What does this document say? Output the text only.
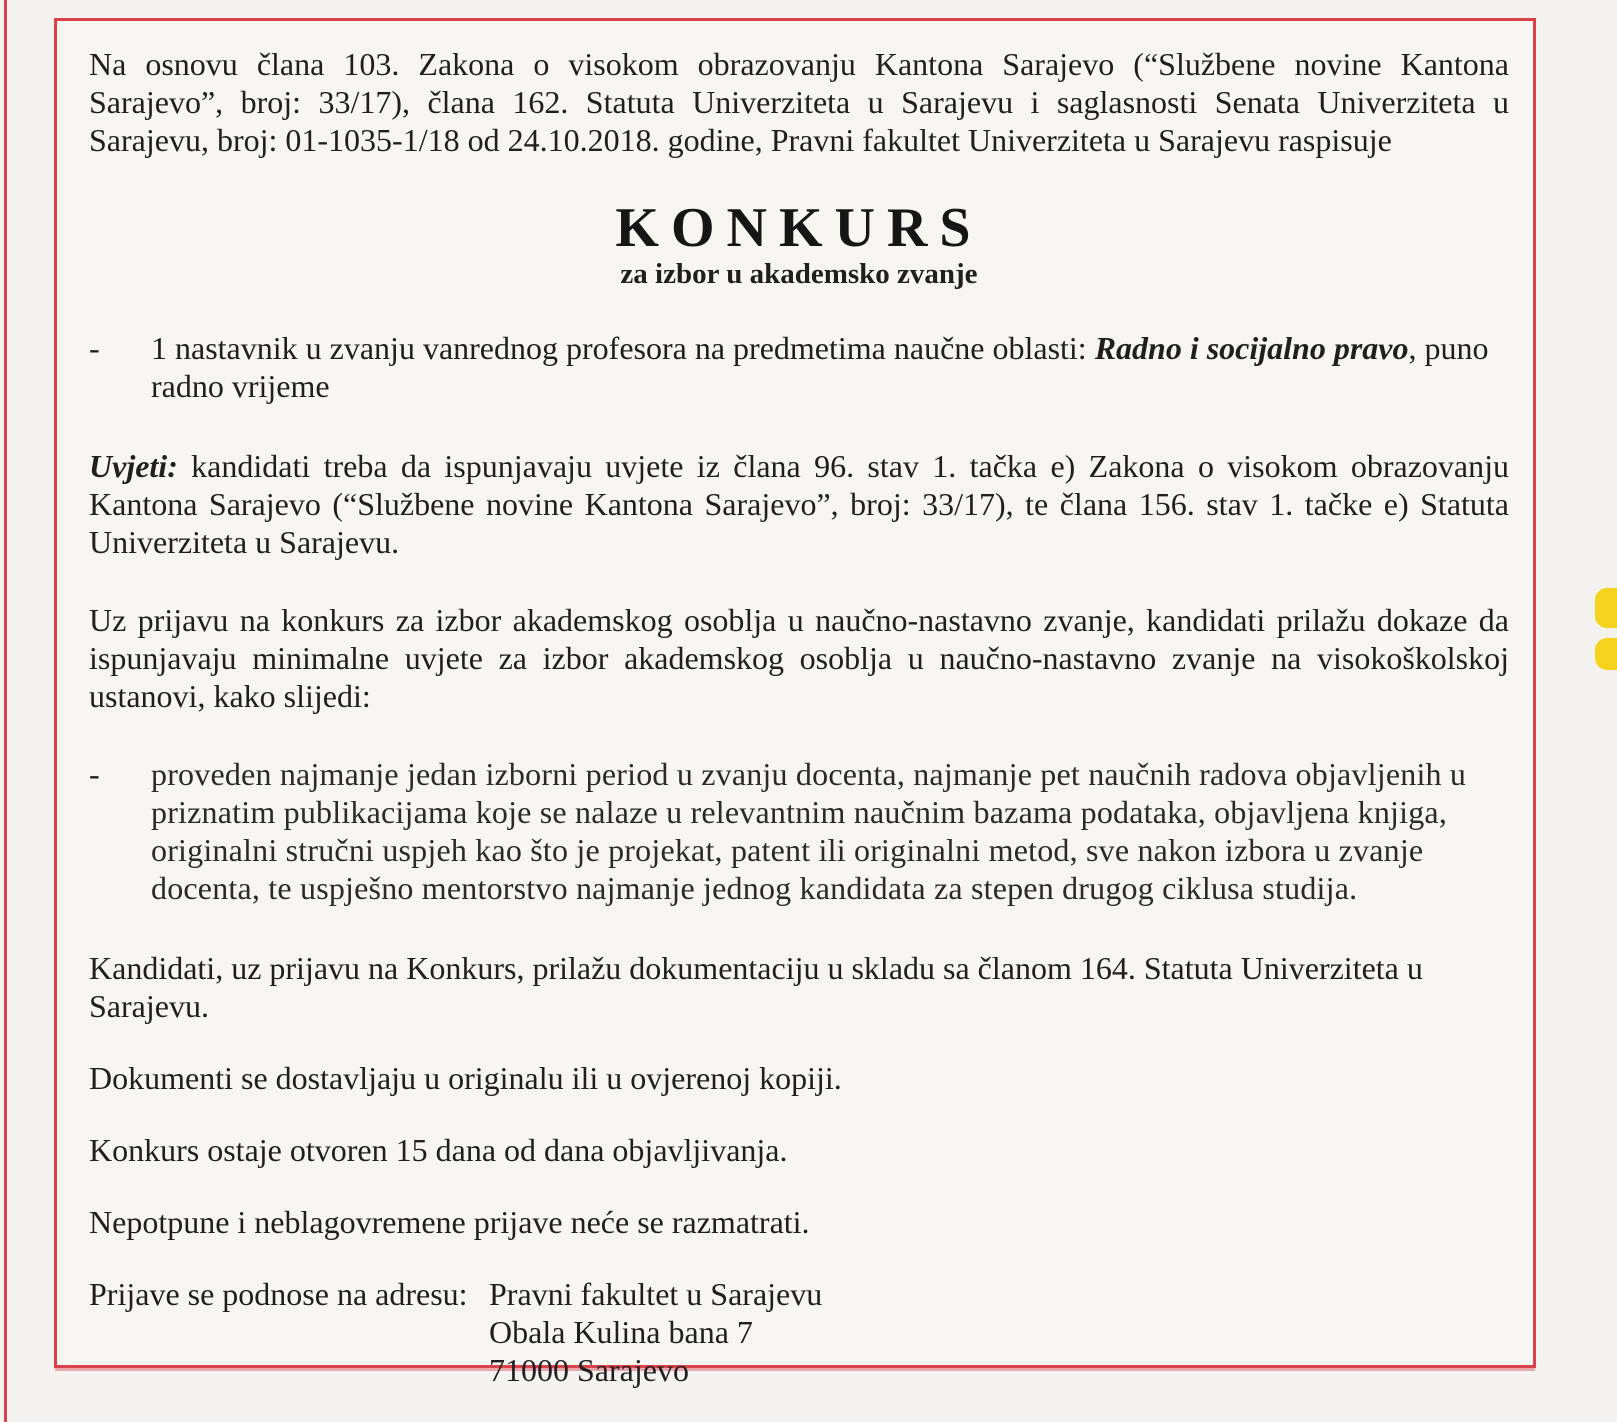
Na osnovu člana 103. Zakona o visokom obrazovanju Kantona Sarajevo (“Službene novine Kantona Sarajevo”, broj: 33/17), člana 162. Statuta Univerziteta u Sarajevu i saglasnosti Senata Univerziteta u Sarajevu, broj: 01-1035-1/18 od 24.10.2018. godine, Pravni fakultet Univerziteta u Sarajevu raspisuje

KONKURS

za izbor u akademsko zvanje

- 1 nastavnik u zvanju vanrednog profesora na predmetima naučne oblasti: Radno i socijalno pravo, puno radno vrijeme

Uvjeti: kandidati treba da ispunjavaju uvjete iz člana 96. stav 1. tačka e) Zakona o visokom obrazovanju Kantona Sarajevo (“Službene novine Kantona Sarajevo”, broj: 33/17), te člana 156. stav 1. tačke e) Statuta Univerziteta u Sarajevu.

Uz prijavu na konkurs za izbor akademskog osoblja u naučno-nastavno zvanje, kandidati prilažu dokaze da ispunjavaju minimalne uvjete za izbor akademskog osoblja u naučno-nastavno zvanje na visokoškolskoj ustanovi, kako slijedi:

- proveden najmanje jedan izborni period u zvanju docenta, najmanje pet naučnih radova objavljenih u priznatim publikacijama koje se nalaze u relevantnim naučnim bazama podataka, objavljena knjiga, originalni stručni uspjeh kao što je projekat, patent ili originalni metod, sve nakon izbora u zvanje docenta, te uspješno mentorstvo najmanje jednog kandidata za stepen drugog ciklusa studija.

Kandidati, uz prijavu na Konkurs, prilažu dokumentaciju u skladu sa članom 164. Statuta Univerziteta u Sarajevu.

Dokumenti se dostavljaju u originalu ili u ovjerenoj kopiji.

Konkurs ostaje otvoren 15 dana od dana objavljivanja.

Nepotpune i neblagovremene prijave neće se razmatrati.

Prijave se podnose na adresu: Pravni fakultet u Sarajevu
Obala Kulina bana 7
71000 Sarajevo
